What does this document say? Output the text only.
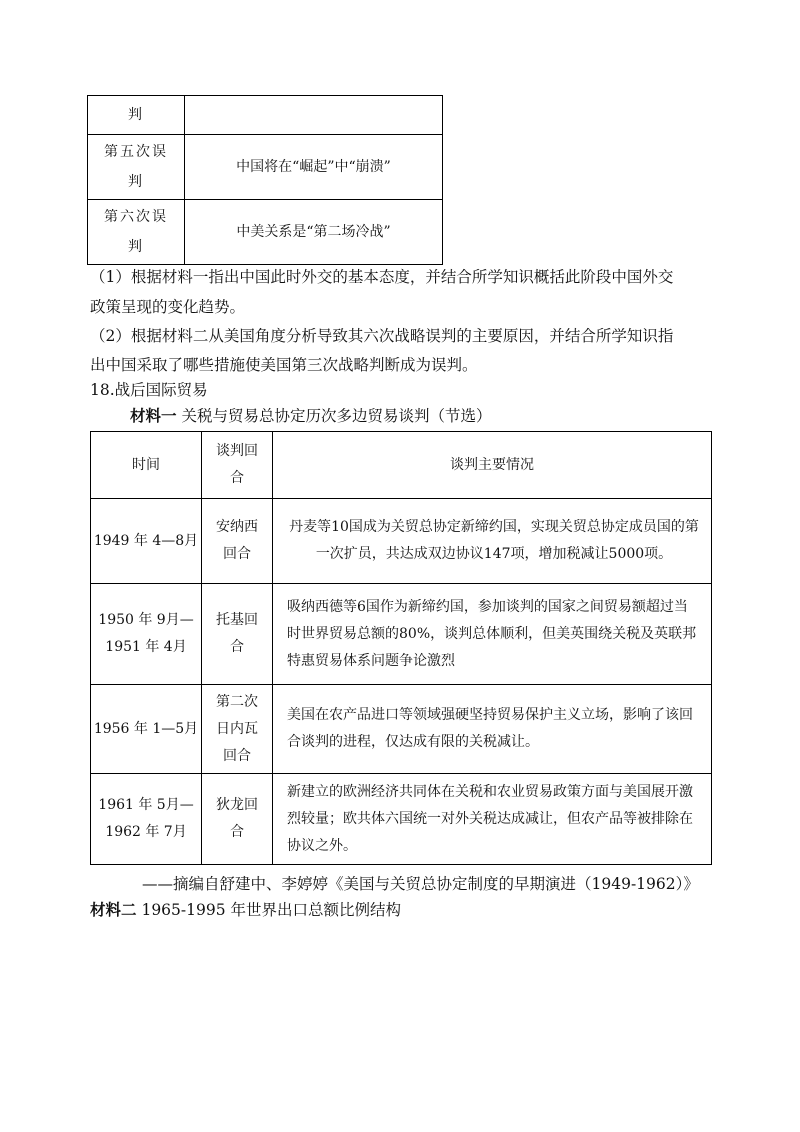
判	

第五次误判	中国将在“崛起”中“崩溃”

第六次误判	中美关系是“第二场冷战”
（1）根据材料一指出中国此时外交的基本态度，并结合所学知识概括此阶段中国外交
政策呈现的变化趋势。
（2）根据材料二从美国角度分析导致其六次战略误判的主要原因，并结合所学知识指
出中国采取了哪些措施使美国第三次战略判断成为误判。
18.战后国际贸易
材料一 关税与贸易总协定历次多边贸易谈判（节选）
时间	谈判回合	谈判主要情况
1949 年 4—8月	安纳西回合	丹麦等10国成为关贸总协定新缔约国，实现关贸总协定成员国的第一次扩员，共达成双边协议147项，增加税减让5000项。

1950 年 9月—1951 年 4月	托基回合	吸纳西德等6国作为新缔约国，参加谈判的国家之间贸易额超过当时世界贸易总额的80%，谈判总体顺利，但美英围绕关税及英联邦特惠贸易体系问题争论激烈
1956 年 1—5月	第二次日内瓦回合	美国在农产品进口等领域强硬坚持贸易保护主义立场，影响了该回合谈判的进程，仅达成有限的关税减让。

1961 年 5月—1962 年 7月	狄龙回合	新建立的欧洲经济共同体在关税和农业贸易政策方面与美国展开激烈较量；欧共体六国统一对外关税达成减让，但农产品等被排除在协议之外。
——摘编自舒建中、李婷婷《美国与关贸总协定制度的早期演进（1949-1962）》
材料二 1965-1995 年世界出口总额比例结构
